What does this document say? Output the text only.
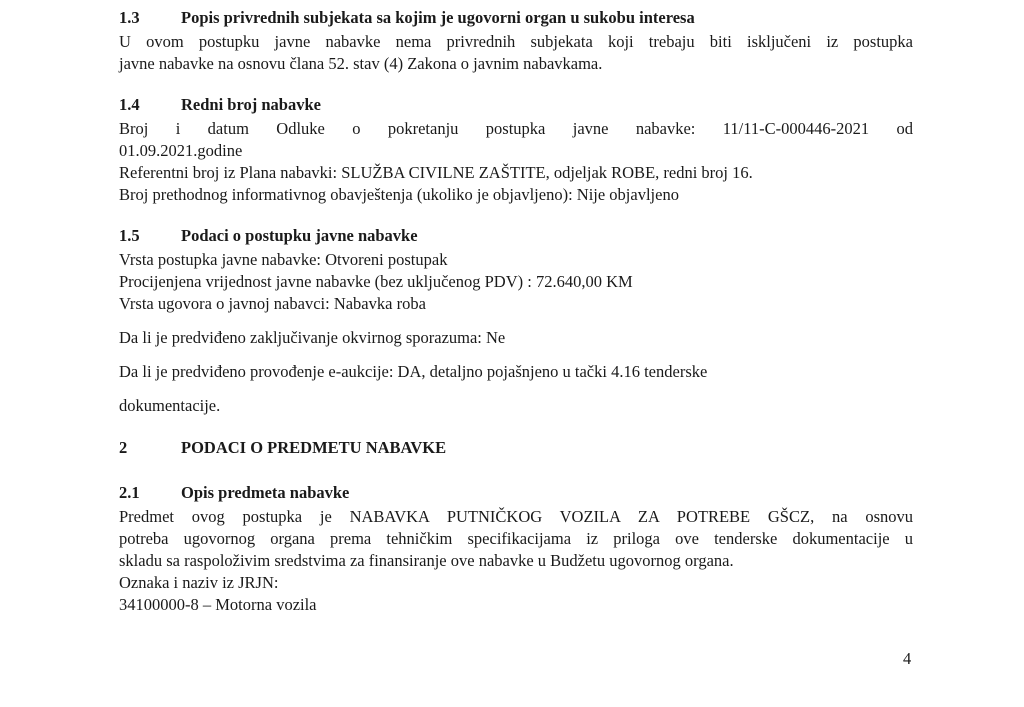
1.3	Popis privrednih subjekata sa kojim je ugovorni organ u sukobu interesa
U ovom postupku javne nabavke nema privrednih subjekata koji trebaju biti isključeni iz postupka
javne nabavke na osnovu člana 52. stav (4) Zakona o javnim nabavkama.
1.4	Redni broj nabavke
Broj i datum Odluke o pokretanju postupka javne nabavke: 11/11-C-000446-2021 od
01.09.2021.godine
Referentni broj iz Plana nabavki: SLUŽBA CIVILNE ZAŠTITE, odjeljak ROBE, redni broj 16.
Broj prethodnog informativnog obavještenja (ukoliko je objavljeno): Nije objavljeno
1.5	Podaci o postupku javne nabavke
Vrsta postupka javne nabavke: Otvoreni postupak
Procijenjena vrijednost javne nabavke (bez uključenog PDV) : 72.640,00 KM
Vrsta ugovora o javnoj nabavci: Nabavka roba
Da li je predviđeno zaključivanje okvirnog sporazuma: Ne
Da li je predviđeno provođenje e-aukcije: DA, detaljno pojašnjeno u tački 4.16 tenderske
dokumentacije.
2	PODACI O PREDMETU NABAVKE
2.1	Opis predmeta nabavke
Predmet ovog postupka je NABAVKA PUTNIČKOG VOZILA ZA POTREBE GŠCZ, na osnovu
potreba ugovornog organa prema tehničkim specifikacijama iz priloga ove tenderske dokumentacije u
skladu sa raspoloživim sredstvima za finansiranje ove nabavke u Budžetu ugovornog organa.
Oznaka i naziv iz JRJN:
34100000-8 – Motorna vozila
4
